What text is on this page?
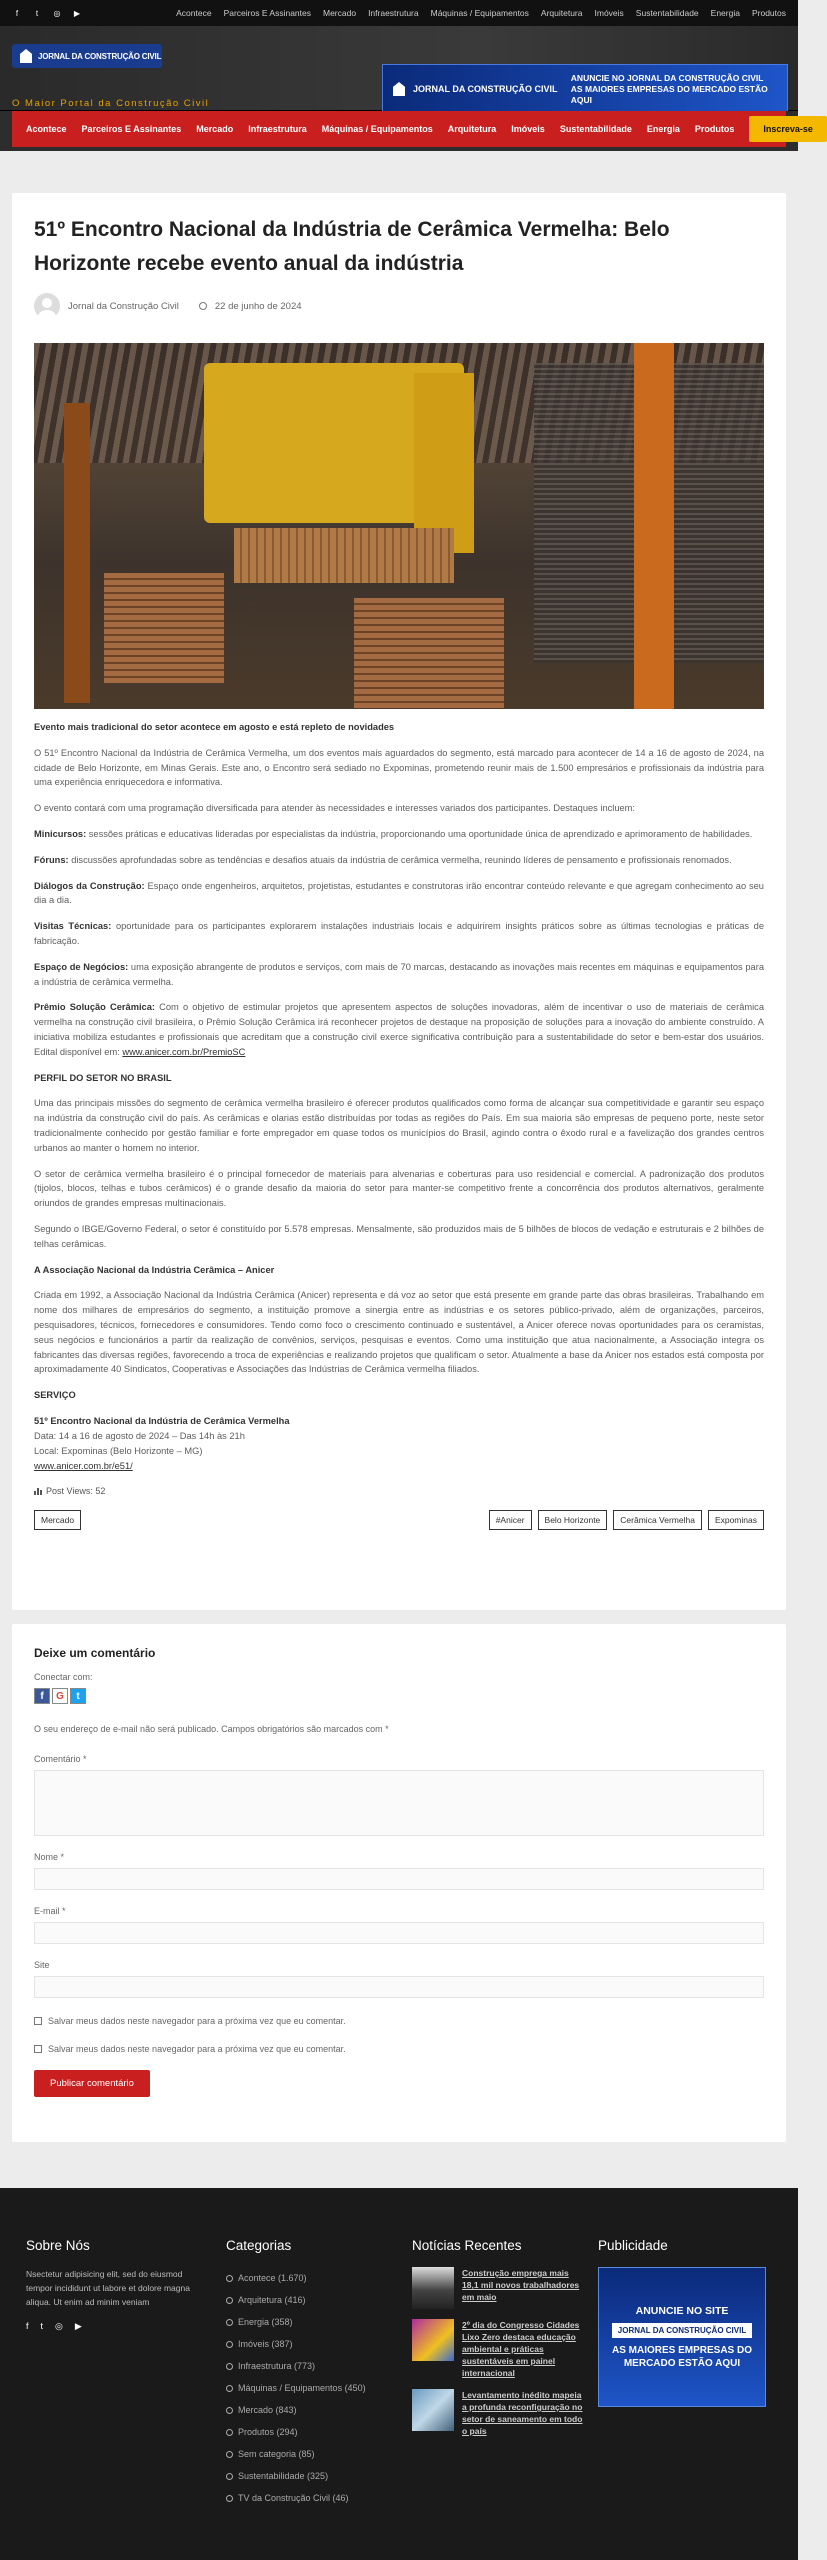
f	t	◎ ▶	Acontece Parceiros E Assinantes Mercado Infraestrutura Máquinas / Equipamentos Arquitetura Imóveis Sustentabilidade Energia Produtos
JORNAL DA CONSTRUÇÃO CIVIL
O Maior Portal da Construção Civil
JORNAL DA CONSTRUÇÃO CIVIL
ANUNCIE NO JORNAL DA CONSTRUÇÃO CIVIL
AS MAIORES EMPRESAS DO MERCADO ESTÃO AQUI
Acontece Parceiros E Assinantes Mercado Infraestrutura Máquinas / Equipamentos Arquitetura Imóveis Sustentabilidade Energia Produtos	Inscreva-se
51º Encontro Nacional da Indústria de Cerâmica Vermelha: Belo Horizonte recebe evento anual da indústria
Jornal da Construção Civil	22 de junho de 2024

Evento mais tradicional do setor acontece em agosto e está repleto de novidades

O 51º Encontro Nacional da Indústria de Cerâmica Vermelha, um dos eventos mais aguardados do segmento, está marcado para acontecer de 14 a 16 de agosto de 2024, na cidade de Belo Horizonte, em Minas Gerais. Este ano, o Encontro será sediado no Expominas, prometendo reunir mais de 1.500 empresários e profissionais da indústria para uma experiência enriquecedora e informativa.

O evento contará com uma programação diversificada para atender às necessidades e interesses variados dos participantes. Destaques incluem:

Minicursos: sessões práticas e educativas lideradas por especialistas da indústria, proporcionando uma oportunidade única de aprendizado e aprimoramento de habilidades.

Fóruns: discussões aprofundadas sobre as tendências e desafios atuais da indústria de cerâmica vermelha, reunindo líderes de pensamento e profissionais renomados.

Diálogos da Construção: Espaço onde engenheiros, arquitetos, projetistas, estudantes e construtoras irão encontrar conteúdo relevante e que agregam conhecimento ao seu dia a dia.

Visitas Técnicas: oportunidade para os participantes explorarem instalações industriais locais e adquirirem insights práticos sobre as últimas tecnologias e práticas de fabricação.

Espaço de Negócios: uma exposição abrangente de produtos e serviços, com mais de 70 marcas, destacando as inovações mais recentes em máquinas e equipamentos para a indústria de cerâmica vermelha.

Prêmio Solução Cerâmica: Com o objetivo de estimular projetos que apresentem aspectos de soluções inovadoras, além de incentivar o uso de materiais de cerâmica vermelha na construção civil brasileira, o Prêmio Solução Cerâmica irá reconhecer projetos de destaque na proposição de soluções para a inovação do ambiente construído. A iniciativa mobiliza estudantes e profissionais que acreditam que a construção civil exerce significativa contribuição para a sustentabilidade do setor e bem-estar dos usuários. Edital disponível em: www.anicer.com.br/PremioSC

PERFIL DO SETOR NO BRASIL

Uma das principais missões do segmento de cerâmica vermelha brasileiro é oferecer produtos qualificados como forma de alcançar sua competitividade e garantir seu espaço na indústria da construção civil do país. As cerâmicas e olarias estão distribuídas por todas as regiões do País. Em sua maioria são empresas de pequeno porte, neste setor tradicionalmente conhecido por gestão familiar e forte empregador em quase todos os municípios do Brasil, agindo contra o êxodo rural e a favelização dos grandes centros urbanos ao manter o homem no interior.

O setor de cerâmica vermelha brasileiro é o principal fornecedor de materiais para alvenarias e coberturas para uso residencial e comercial. A padronização dos produtos (tijolos, blocos, telhas e tubos cerâmicos) é o grande desafio da maioria do setor para manter-se competitivo frente a concorrência dos produtos alternativos, geralmente oriundos de grandes empresas multinacionais.

Segundo o IBGE/Governo Federal, o setor é constituído por 5.578 empresas. Mensalmente, são produzidos mais de 5 bilhões de blocos de vedação e estruturais e 2 bilhões de telhas cerâmicas.

A Associação Nacional da Indústria Cerâmica – Anicer

Criada em 1992, a Associação Nacional da Indústria Cerâmica (Anicer) representa e dá voz ao setor que está presente em grande parte das obras brasileiras. Trabalhando em nome dos milhares de empresários do segmento, a instituição promove a sinergia entre as indústrias e os setores público-privado, além de organizações, parceiros, pesquisadores, técnicos, fornecedores e consumidores. Tendo como foco o crescimento continuado e sustentável, a Anicer oferece novas oportunidades para os ceramistas, seus negócios e funcionários a partir da realização de convênios, serviços, pesquisas e eventos. Como uma instituição que atua nacionalmente, a Associação integra os fabricantes das diversas regiões, favorecendo a troca de experiências e realizando projetos que qualificam o setor. Atualmente a base da Anicer nos estados está composta por aproximadamente 40 Sindicatos, Cooperativas e Associações das Indústrias de Cerâmica vermelha filiados.

SERVIÇO

51º Encontro Nacional da Indústria de Cerâmica Vermelha
Data: 14 a 16 de agosto de 2024 – Das 14h às 21h
Local: Expominas (Belo Horizonte – MG)
www.anicer.com.br/e51/

Post Views: 52
Mercado	#Anicer	Belo Horizonte	Cerâmica Vermelha	Expominas
Deixe um comentário
Conectar com:
f	G	t
O seu endereço de e-mail não será publicado. Campos obrigatórios são marcados com *
Comentário *
Nome *
E-mail *
Site
Salvar meus dados neste navegador para a próxima vez que eu comentar.
Salvar meus dados neste navegador para a próxima vez que eu comentar.
Publicar comentário
Sobre Nós
Nsectetur adipisicing elit, sed do eiusmod tempor incididunt ut labore et dolore magna aliqua. Ut enim ad minim veniam
f t ◎ ▶
Categorias
Acontece (1.670)
Arquitetura (416)
Energia (358)
Imóveis (387)
Infraestrutura (773)
Máquinas / Equipamentos (450)
Mercado (843)
Produtos (294)
Sem categoria (85)
Sustentabilidade (325)
TV da Construção Civil (46)
Notícias Recentes
Construção emprega mais 18,1 mil novos trabalhadores em maio
2º dia do Congresso Cidades Lixo Zero destaca educação ambiental e práticas sustentáveis em painel internacional
Levantamento inédito mapeia a profunda reconfiguração no setor de saneamento em todo o país
Publicidade
ANUNCIE NO SITE
JORNAL DA CONSTRUÇÃO CIVIL
AS MAIORES EMPRESAS DO MERCADO ESTÃO AQUI
